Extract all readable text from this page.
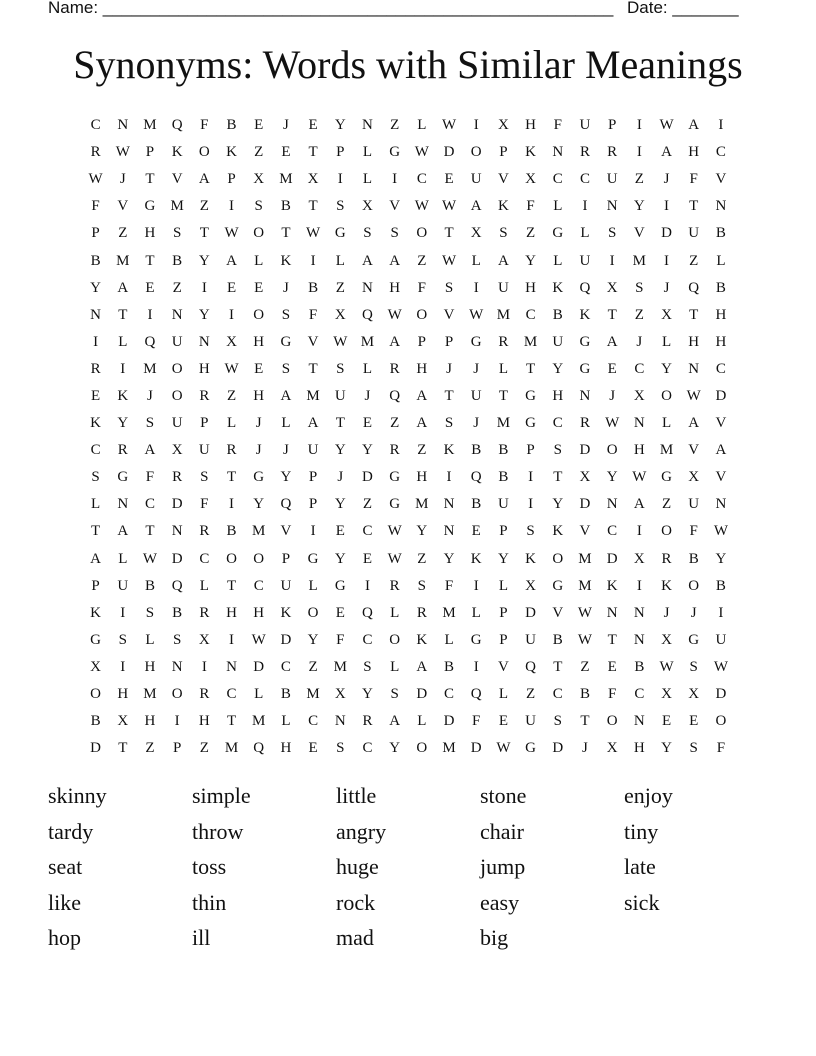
Name: ______________________________________________________ Date: _______
Synonyms: Words with Similar Meanings
C	N	M	Q	F	B	E	J	E	Y	N	Z	L	W	I	X	H	F	U	P	I	W A	I
R	W	P	K	O	K	Z	E	T	P	L	G W D	O	P	K	N	R	R	I	A	H	C
W	J	T	V	A	P	X	M	X	I	L	I	C	E	U	V	X	C	C	U	Z	J	F	V
F	V	G	M	Z	I	S	B	T	S	X	V W W A	K	F	L	I	N	Y	I	T	N
P	Z	H	S	T	W O	T	W G	S	S	O	T	X	S	Z	G	L	S	V	D	U	B
B	M	T	B	Y	A	L	K	I	L	A	A	Z	W	L	A	Y	L	U	I	M	I	Z	L
Y	A	E	Z	I	E	E	J	B	Z	N	H	F	S	I	U	H	K	Q	X	S	J	Q	B
N	T	I	N	Y	I	O	S	F	X	Q W O	V W M	C	B	K	T	Z	X	T	H
I	L	Q	U	N	X	H	G	V W M	A	P	P	G	R	M	U	G	A	J	L	H	H
R	I	M	O	H W	E	S	T	S	L	R	H	J	J	L	T	Y	G	E	C	Y	N	C
E	K	J	O	R	Z	H	A	M	U	J	Q	A	T	U	T	G	H	N	J	X	O W D
K	Y	S	U	P	L	J	L	A	T	E	Z	A	S	J	M	G	C	R	W N	L	A	V
C	R	A	X	U	R	J	J	U	Y	Y	R	Z	K	B	B	P	S	D	O	H	M	V	A
S	G	F	R	S	T	G	Y	P	J	D	G	H	I	Q	B	I	T	X	Y W G	X	V
L	N	C	D	F	I	Y	Q	P	Y	Z	G	M	N	B	U	I	Y	D	N	A	Z	U	N
T	A	T	N	R	B	M	V	I	E	C	W Y	N	E	P	S	K	V	C	I	O	F	W
A	L	W D	C	O	O	P	G	Y	E	W	Z	Y	K	Y	K	O	M	D	X	R	B	Y
P	U	B	Q	L	T	C	U	L	G	I	R	S	F	I	L	X	G	M	K	I	K	O	B
K	I	S	B	R	H	H	K	O	E	Q	L	R	M	L	P	D	V W N	N	J	J	I
G	S	L	S	X	I	W D	Y	F	C	O	K	L	G	P	U	B	W	T	N	X	G	U
X	I	H	N	I	N	D	C	Z	M	S	L	A	B	I	V	Q	T	Z	E	B	W	S	W
O	H	M	O	R	C	L	B	M	X	Y	S	D	C	Q	L	Z	C	B	F	C	X	X	D
B	X	H	I	H	T	M	L	C	N	R	A	L	D	F	E	U	S	T	O	N	E	E	O
D	T	Z	P	Z	M	Q	H	E	S	C	Y	O	M	D W G	D	J	X	H	Y	S	F
skinny	simple	little	stone	enjoy
tardy	throw	angry	chair	tiny
seat	toss	huge	jump	late
like	thin	rock	easy	sick
hop	ill	mad	big
